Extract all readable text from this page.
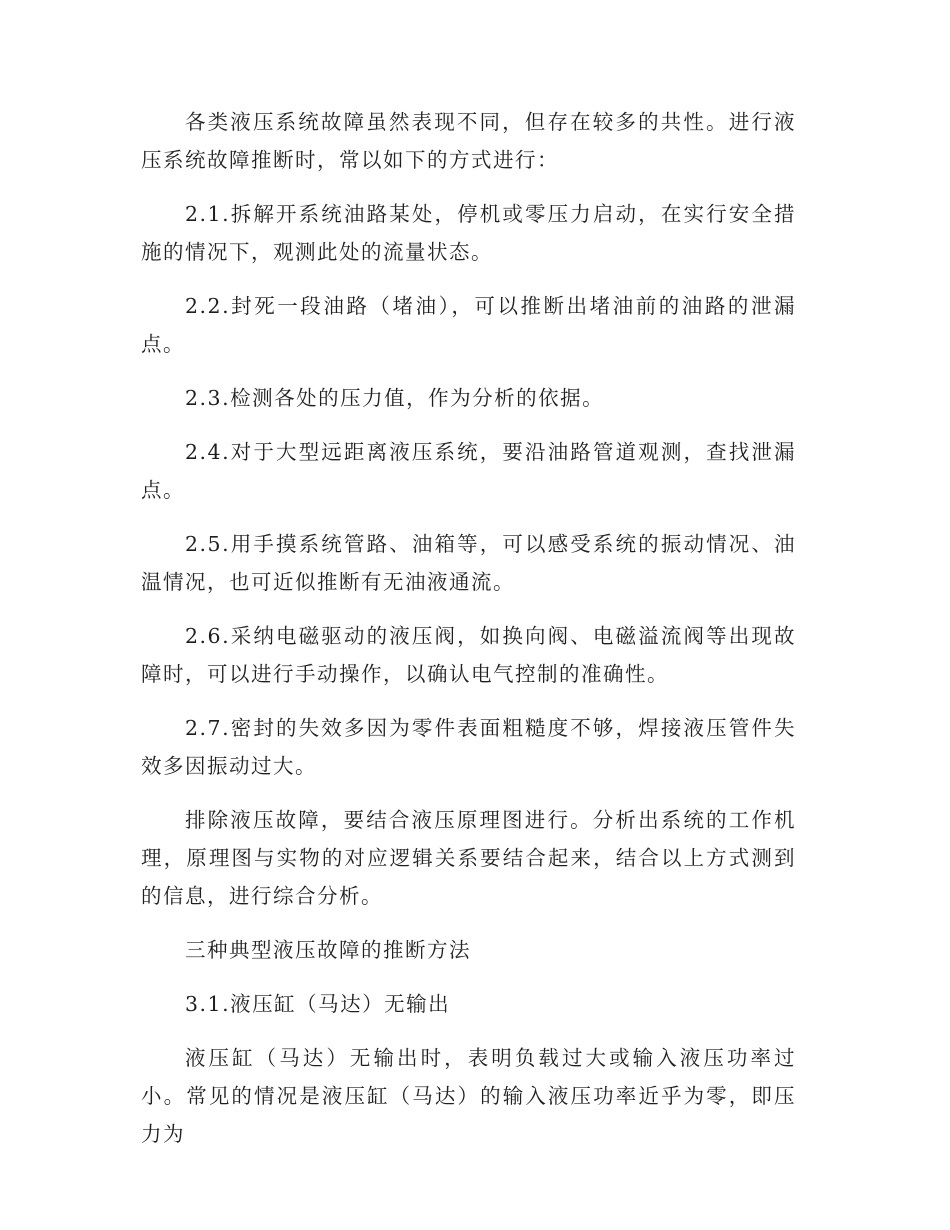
各类液压系统故障虽然表现不同，但存在较多的共性。进行液压系统故障推断时，常以如下的方式进行：

2.1.拆解开系统油路某处，停机或零压力启动，在实行安全措施的情况下，观测此处的流量状态。

2.2.封死一段油路（堵油），可以推断出堵油前的油路的泄漏点。

2.3.检测各处的压力值，作为分析的依据。

2.4.对于大型远距离液压系统，要沿油路管道观测，查找泄漏点。

2.5.用手摸系统管路、油箱等，可以感受系统的振动情况、油温情况，也可近似推断有无油液通流。

2.6.采纳电磁驱动的液压阀，如换向阀、电磁溢流阀等出现故障时，可以进行手动操作，以确认电气控制的准确性。

2.7.密封的失效多因为零件表面粗糙度不够，焊接液压管件失效多因振动过大。

排除液压故障，要结合液压原理图进行。分析出系统的工作机理，原理图与实物的对应逻辑关系要结合起来，结合以上方式测到的信息，进行综合分析。

三种典型液压故障的推断方法

3.1.液压缸（马达）无输出

液压缸（马达）无输出时，表明负载过大或输入液压功率过小。常见的情况是液压缸（马达）的输入液压功率近乎为零，即压力为
